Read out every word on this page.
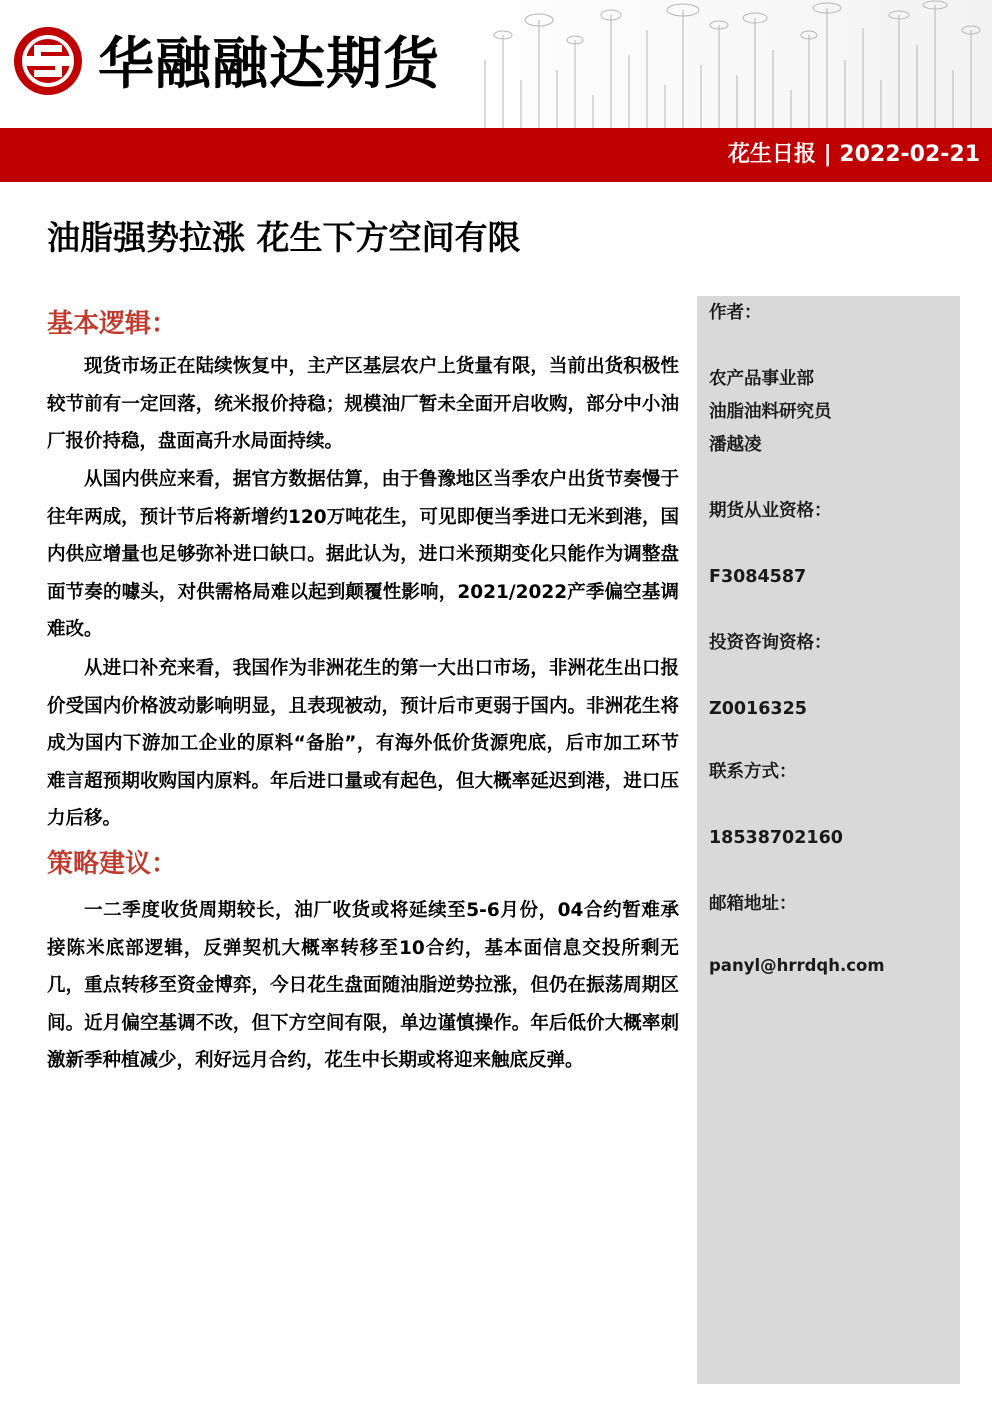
华融融达期货
花生日报 | 2022-02-21
油脂强势拉涨 花生下方空间有限
基本逻辑：
现货市场正在陆续恢复中，主产区基层农户上货量有限，当前出货积极性较节前有一定回落，统米报价持稳；规模油厂暂未全面开启收购，部分中小油厂报价持稳，盘面高升水局面持续。
从国内供应来看，据官方数据估算，由于鲁豫地区当季农户出货节奏慢于往年两成，预计节后将新增约120万吨花生，可见即便当季进口无米到港，国内供应增量也足够弥补进口缺口。据此认为，进口米预期变化只能作为调整盘面节奏的噱头，对供需格局难以起到颠覆性影响，2021/2022产季偏空基调难改。
从进口补充来看，我国作为非洲花生的第一大出口市场，非洲花生出口报价受国内价格波动影响明显，且表现被动，预计后市更弱于国内。非洲花生将成为国内下游加工企业的原料“备胎”，有海外低价货源兜底，后市加工环节难言超预期收购国内原料。年后进口量或有起色，但大概率延迟到港，进口压力后移。
策略建议：
一二季度收货周期较长，油厂收货或将延续至5-6月份，04合约暂难承接陈米底部逻辑，反弹契机大概率转移至10合约，基本面信息交投所剩无几，重点转移至资金博弈，今日花生盘面随油脂逆势拉涨，但仍在振荡周期区间。近月偏空基调不改，但下方空间有限，单边谨慎操作。年后低价大概率刺激新季种植减少，利好远月合约，花生中长期或将迎来触底反弹。
作者：
农产品事业部
油脂油料研究员
潘越凌
期货从业资格：
F3084587
投资咨询资格：
Z0016325
联系方式：
18538702160
邮箱地址：
panyl@hrrdqh.com
